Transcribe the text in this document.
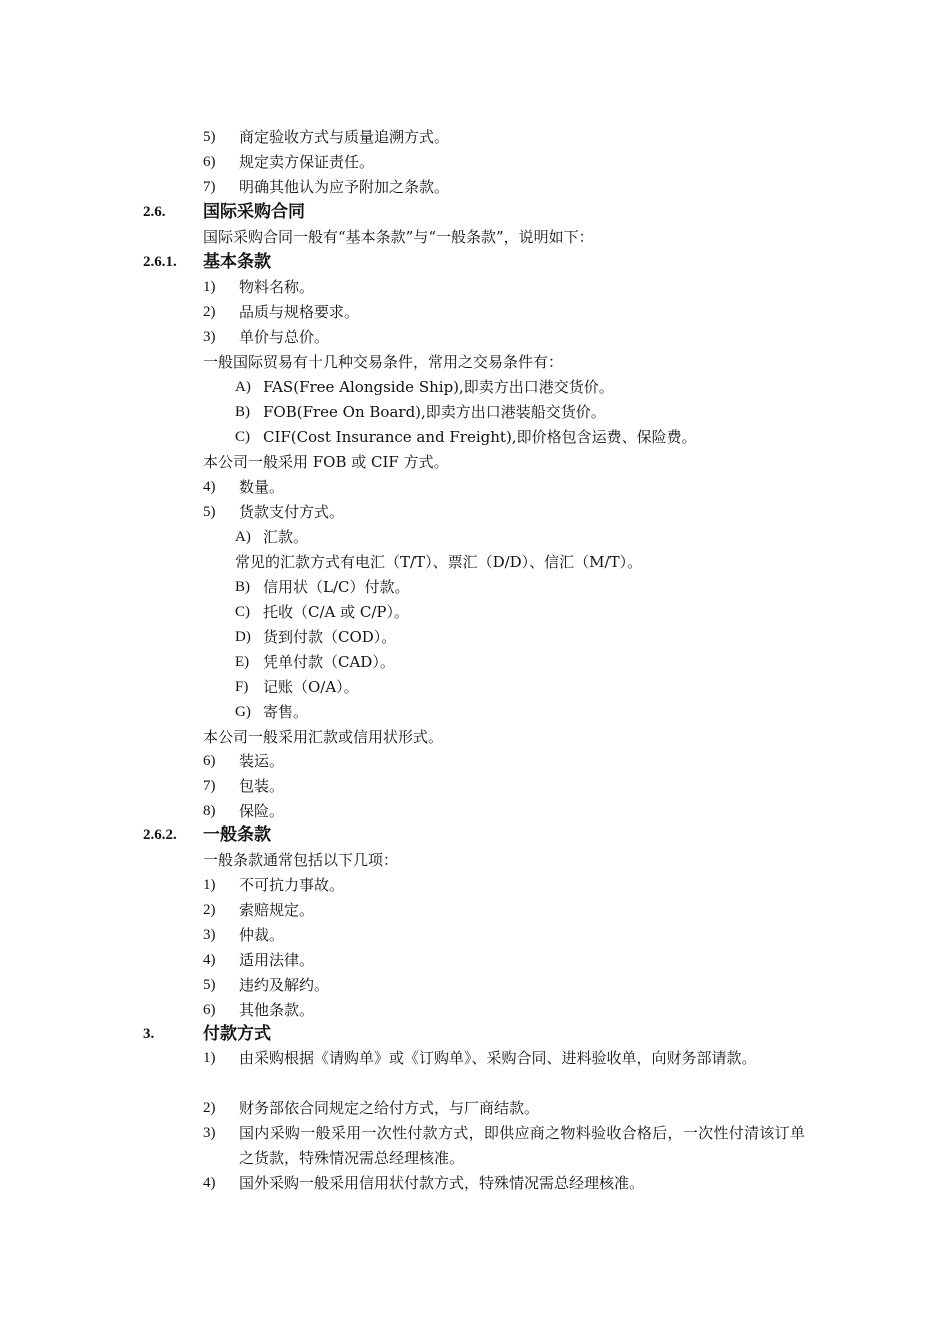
5) 商定验收方式与质量追溯方式。
6) 规定卖方保证责任。
7) 明确其他认为应予附加之条款。
2.6. 国际采购合同
国际采购合同一般有“基本条款”与“一般条款”，说明如下：
2.6.1. 基本条款
1) 物料名称。
2) 品质与规格要求。
3) 单价与总价。
一般国际贸易有十几种交易条件，常用之交易条件有：
A) FAS(Free Alongside Ship),即卖方出口港交货价。
B) FOB(Free On Board),即卖方出口港装船交货价。
C) CIF(Cost Insurance and Freight),即价格包含运费、保险费。
本公司一般采用 FOB 或 CIF 方式。
4) 数量。
5) 货款支付方式。
A) 汇款。
常见的汇款方式有电汇（T/T）、票汇（D/D）、信汇（M/T）。
B) 信用状（L/C）付款。
C) 托收（C/A 或 C/P）。
D) 货到付款（COD）。
E) 凭单付款（CAD）。
F) 记账（O/A）。
G) 寄售。
本公司一般采用汇款或信用状形式。
6) 装运。
7) 包装。
8) 保险。
2.6.2. 一般条款
一般条款通常包括以下几项：
1) 不可抗力事故。
2) 索赔规定。
3) 仲裁。
4) 适用法律。
5) 违约及解约。
6) 其他条款。
3.	付款方式
1) 由采购根据《请购单》或《订购单》、采购合同、进料验收单，向财务部请款。
2) 财务部依合同规定之给付方式，与厂商结款。
3) 国内采购一般采用一次性付款方式，即供应商之物料验收合格后，一次性付清该订单之货款，特殊情况需总经理核准。
4) 国外采购一般采用信用状付款方式，特殊情况需总经理核准。
